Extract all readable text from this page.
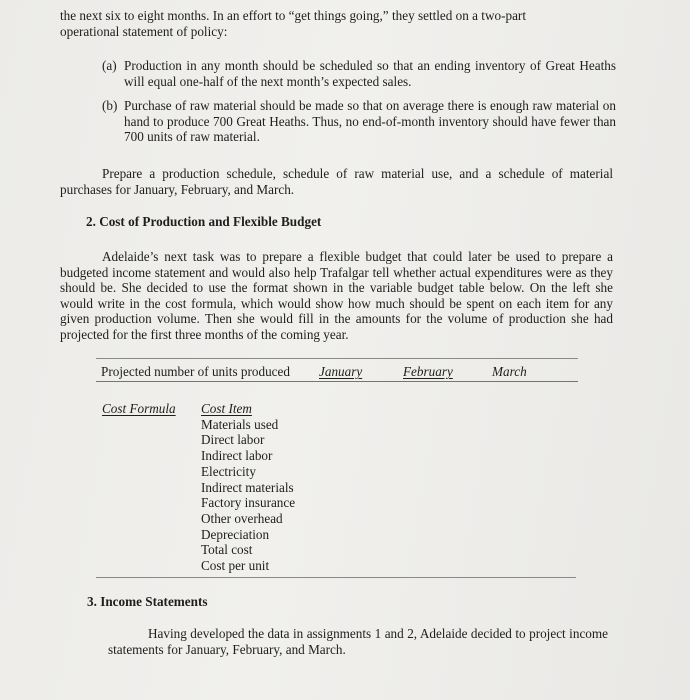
the next six to eight months. In an effort to “get things going,” they settled on a two-part
operational statement of policy:
(a) Production in any month should be scheduled so that an ending inventory of Great Heaths will equal one-half of the next month’s expected sales.
(b) Purchase of raw material should be made so that on average there is enough raw material on hand to produce 700 Great Heaths. Thus, no end-of-month inventory should have fewer than 700 units of raw material.
Prepare a production schedule, schedule of raw material use, and a schedule of material purchases for January, February, and March.
2. Cost of Production and Flexible Budget
Adelaide’s next task was to prepare a flexible budget that could later be used to prepare a budgeted income statement and would also help Trafalgar tell whether actual expenditures were as they should be. She decided to use the format shown in the variable budget table below. On the left she would write in the cost formula, which would show how much should be spent on each item for any given production volume. Then she would fill in the amounts for the volume of production she had projected for the first three months of the coming year.
Projected number of units produced January	February	March
Cost Formula Cost Item
Materials used
Direct labor
Indirect labor
Electricity
Indirect materials
Factory insurance
Other overhead
Depreciation
Total cost
Cost per unit
3. Income Statements
Having developed the data in assignments 1 and 2, Adelaide decided to project income statements for January, February, and March.
